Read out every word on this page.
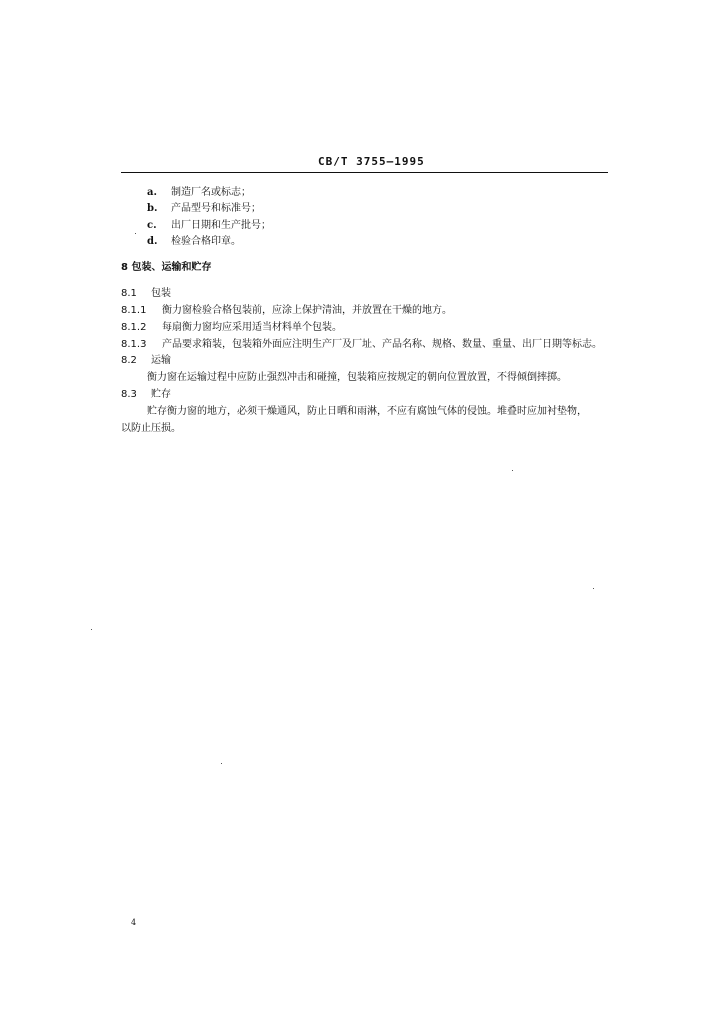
CB/T 3755—1995
a. 制造厂名或标志；
b. 产品型号和标准号；
c. 出厂日期和生产批号；
d. 检验合格印章。
8 包装、运输和贮存
8.1 包装
8.1.1 衡力窗检验合格包装前，应涂上保护清油，并放置在干燥的地方。
8.1.2 每扇衡力窗均应采用适当材料单个包装。
8.1.3 产品要求箱装，包装箱外面应注明生产厂及厂址、产品名称、规格、数量、重量、出厂日期等标志。
8.2 运输
衡力窗在运输过程中应防止强烈冲击和碰撞，包装箱应按规定的朝向位置放置，不得倾倒摔掷。
8.3 贮存
贮存衡力窗的地方，必须干燥通风，防止日晒和雨淋，不应有腐蚀气体的侵蚀。堆叠时应加衬垫物，
以防止压损。
4
